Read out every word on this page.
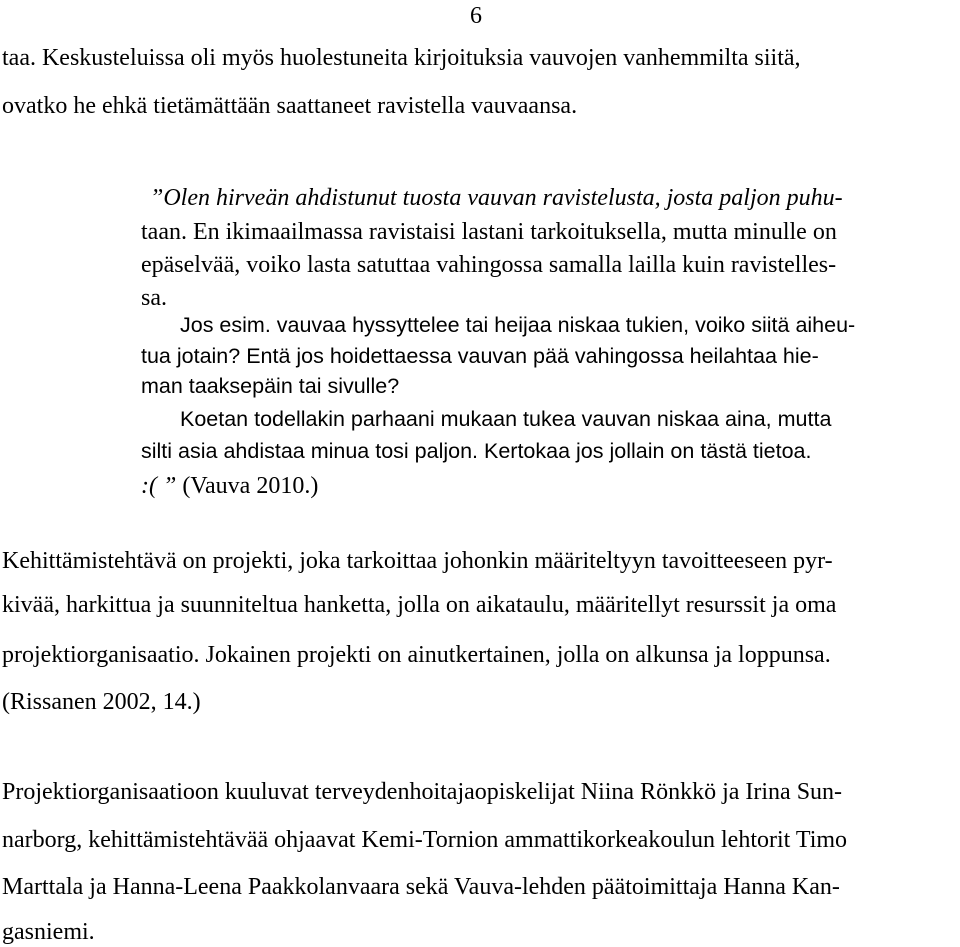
6
taa. Keskusteluissa oli myös huolestuneita kirjoituksia vauvojen vanhemmilta siitä,
ovatko he ehkä tietämättään saattaneet ravistella vauvaansa.
”Olen hirveän ahdistunut tuosta vauvan ravistelusta, josta paljon puhu-
taan. En ikimaailmassa ravistaisi lastani tarkoituksella, mutta minulle on
epäselvää, voiko lasta satuttaa vahingossa samalla lailla kuin ravistelles-
sa.
Jos esim. vauvaa hyssyttelee tai heijaa niskaa tukien, voiko siitä aiheu-
tua jotain? Entä jos hoidettaessa vauvan pää vahingossa heilahtaa hie-
man taaksepäin tai sivulle?
Koetan todellakin parhaani mukaan tukea vauvan niskaa aina, mutta
silti asia ahdistaa minua tosi paljon. Kertokaa jos jollain on tästä tietoa.
:( ” (Vauva 2010.)
Kehittämistehtävä on projekti, joka tarkoittaa johonkin määriteltyyn tavoitteeseen pyr-
kivää, harkittua ja suunniteltua hanketta, jolla on aikataulu, määritellyt resurssit ja oma
projektiorganisaatio. Jokainen projekti on ainutkertainen, jolla on alkunsa ja loppunsa.
(Rissanen 2002, 14.)
Projektiorganisaatioon kuuluvat terveydenhoitajaopiskelijat Niina Rönkkö ja Irina Sun-
narborg, kehittämistehtävää ohjaavat Kemi-Tornion ammattikorkeakoulun lehtorit Timo
Marttala ja Hanna-Leena Paakkolanvaara sekä Vauva-lehden päätoimittaja Hanna Kan-
gasniemi.
